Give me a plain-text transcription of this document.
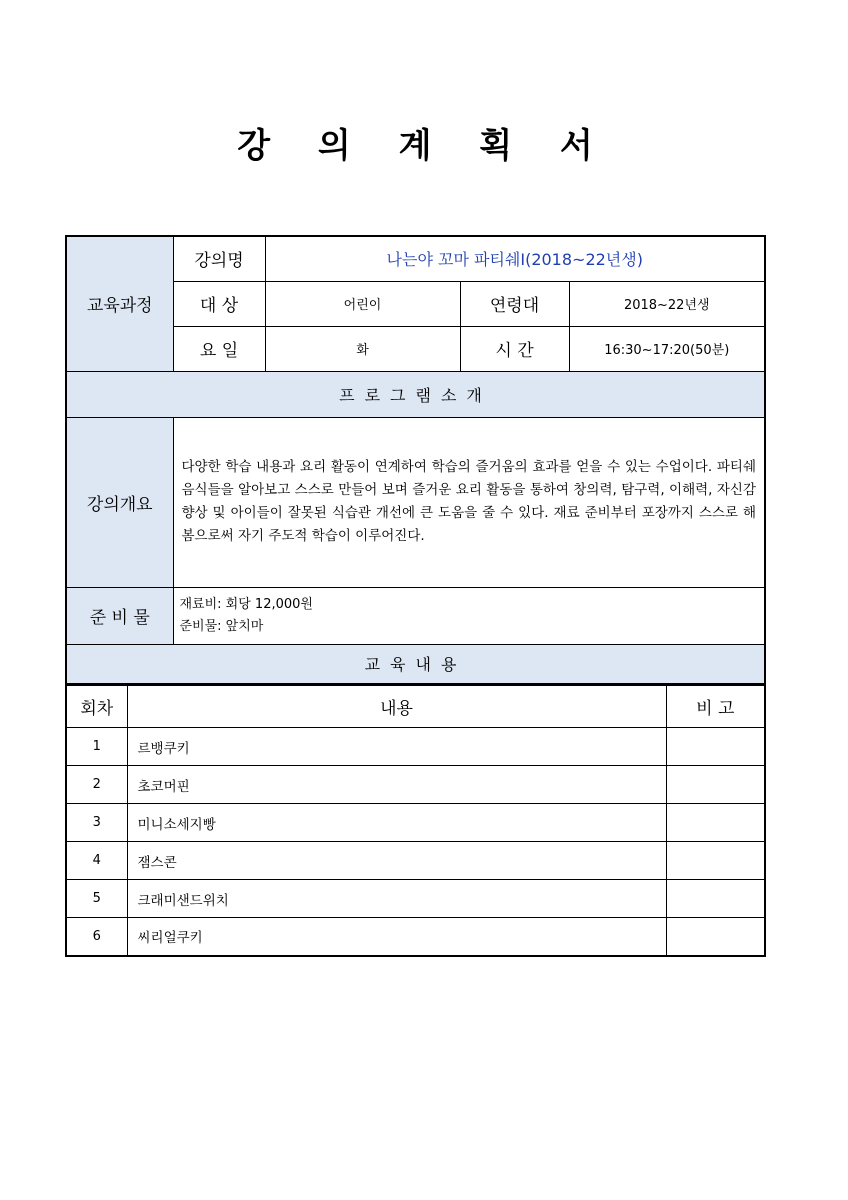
강 의 계 획 서
교육과정	강의명	나는야 꼬마 파티쉐Ⅰ(2018~22년생)		
	대 상	어린이	연령대	2018~22년생
	요 일	화	시 간	16:30~17:20(50분)
프로그램소개				
강의개요	다양한 학습 내용과 요리 활동이 연계하여 학습의 즐거움의 효과를 얻을 수 있는 수업이다. 파티쉐 음식들을 알아보고 스스로 만들어 보며 즐거운 요리 활동을 통하여 창의력, 탐구력, 이해력, 자신감 향상 및 아이들이 잘못된 식습관 개선에 큰 도움을 줄 수 있다. 재료 준비부터 포장까지 스스로 해봄으로써 자기 주도적 학습이 이루어진다.			
준 비 물	재료비: 회당 12,000원
준비물: 앞치마			

교육내용				
회차	내용	비 고
1	르뱅쿠키	
2	초코머핀	
3	미니소세지빵	
4	잼스콘	
5	크래미샌드위치	
6	씨리얼쿠키	
